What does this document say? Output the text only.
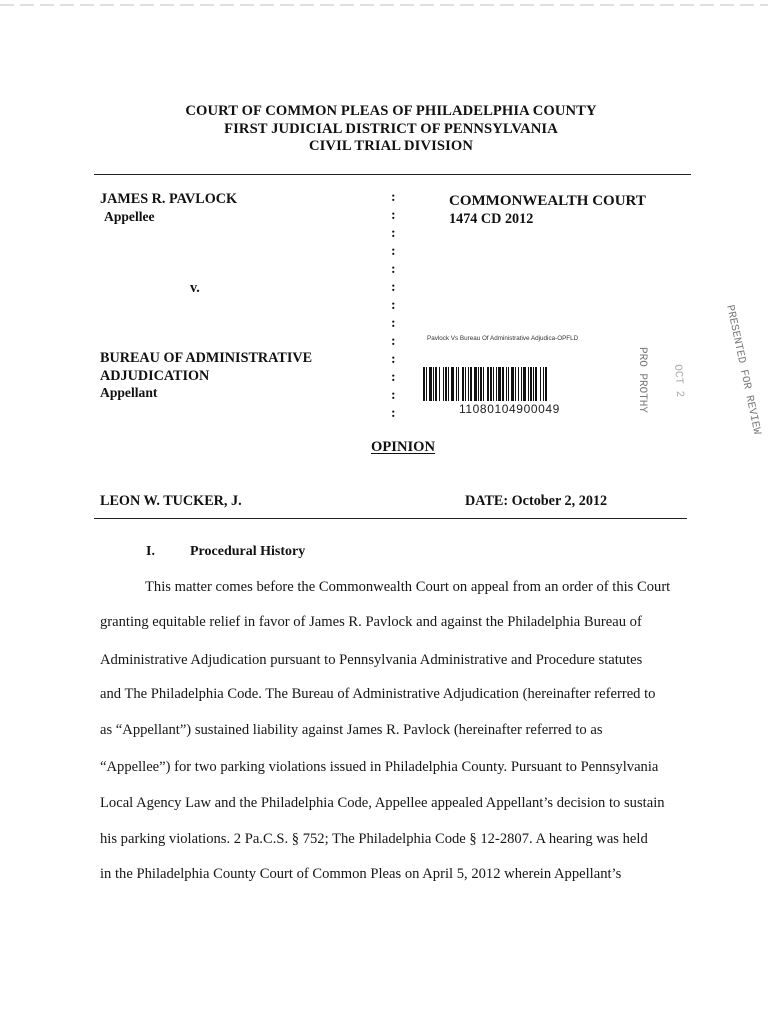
COURT OF COMMON PLEAS OF PHILADELPHIA COUNTY
FIRST JUDICIAL DISTRICT OF PENNSYLVANIA
CIVIL TRIAL DIVISION
JAMES R. PAVLOCK
Appellee
v.
BUREAU OF ADMINISTRATIVE
ADJUDICATION
Appellant
:
:
:
:
:
:
:
:
:
:
:
:
:
COMMONWEALTH COURT
1474 CD 2012
Pavlock Vs Bureau Of Administrative Adjudica-OPFLD
11080104900049	PRESENTED FOR REVIEW
PRO PROTHY OCT 2
OPINION
LEON W. TUCKER, J.	DATE: October 2, 2012
I.	Procedural History
This matter comes before the Commonwealth Court on appeal from an order of this Court
granting equitable relief in favor of James R. Pavlock and against the Philadelphia Bureau of
Administrative Adjudication pursuant to Pennsylvania Administrative and Procedure statutes
and The Philadelphia Code. The Bureau of Administrative Adjudication (hereinafter referred to
as “Appellant”) sustained liability against James R. Pavlock (hereinafter referred to as
“Appellee”) for two parking violations issued in Philadelphia County. Pursuant to Pennsylvania
Local Agency Law and the Philadelphia Code, Appellee appealed Appellant’s decision to sustain
his parking violations. 2 Pa.C.S. § 752; The Philadelphia Code § 12-2807. A hearing was held
in the Philadelphia County Court of Common Pleas on April 5, 2012 wherein Appellant’s
